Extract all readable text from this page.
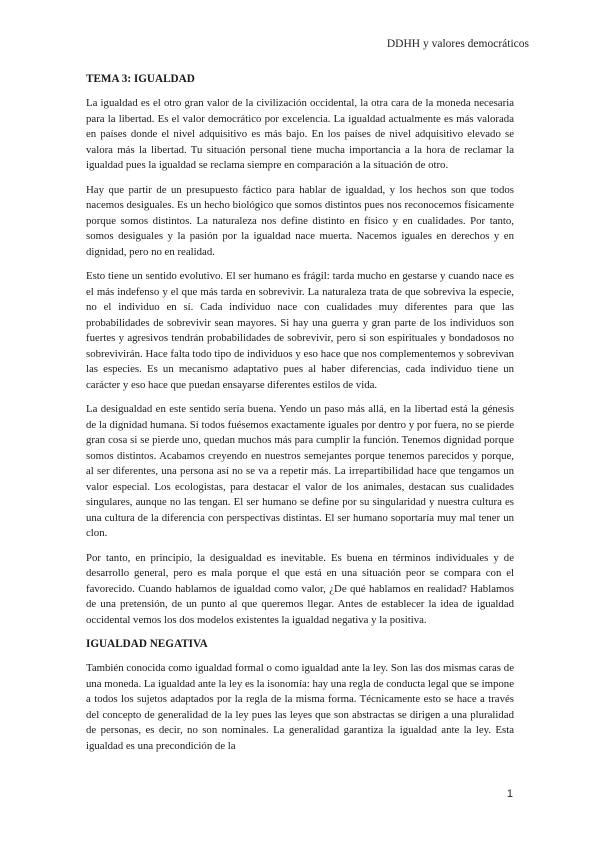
DDHH y valores democráticos
TEMA 3: IGUALDAD

La igualdad es el otro gran valor de la civilización occidental, la otra cara de la moneda necesaria para la libertad. Es el valor democrático por excelencia. La igualdad actualmente es más valorada en países donde el nivel adquisitivo es más bajo. En los países de nivel adquisitivo elevado se valora más la libertad. Tu situación personal tiene mucha importancia a la hora de reclamar la igualdad pues la igualdad se reclama siempre en comparación a la situación de otro.

Hay que partir de un presupuesto fáctico para hablar de igualdad, y los hechos son que todos nacemos desiguales. Es un hecho biológico que somos distintos pues nos reconocemos físicamente porque somos distintos. La naturaleza nos define distinto en físico y en cualidades. Por tanto, somos desiguales y la pasión por la igualdad nace muerta. Nacemos iguales en derechos y en dignidad, pero no en realidad.

Esto tiene un sentido evolutivo. El ser humano es frágil: tarda mucho en gestarse y cuando nace es el más indefenso y el que más tarda en sobrevivir. La naturaleza trata de que sobreviva la especie, no el individuo en sí. Cada individuo nace con cualidades muy diferentes para que las probabilidades de sobrevivir sean mayores. Si hay una guerra y gran parte de los individuos son fuertes y agresivos tendrán probabilidades de sobrevivir, pero si son espirituales y bondadosos no sobrevivirán. Hace falta todo tipo de individuos y eso hace que nos complementemos y sobrevivan las especies. Es un mecanismo adaptativo pues al haber diferencias, cada individuo tiene un carácter y eso hace que puedan ensayarse diferentes estilos de vida.

La desigualdad en este sentido sería buena. Yendo un paso más allá, en la libertad está la génesis de la dignidad humana. Si todos fuésemos exactamente iguales por dentro y por fuera, no se pierde gran cosa si se pierde uno, quedan muchos más para cumplir la función. Tenemos dignidad porque somos distintos. Acabamos creyendo en nuestros semejantes porque tenemos parecidos y porque, al ser diferentes, una persona así no se va a repetir más. La irrepartibilidad hace que tengamos un valor especial. Los ecologistas, para destacar el valor de los animales, destacan sus cualidades singulares, aunque no las tengan. El ser humano se define por su singularidad y nuestra cultura es una cultura de la diferencia con perspectivas distintas. El ser humano soportaría muy mal tener un clon.

Por tanto, en principio, la desigualdad es inevitable. Es buena en términos individuales y de desarrollo general, pero es mala porque el que está en una situación peor se compara con el favorecido. Cuando hablamos de igualdad como valor, ¿De qué hablamos en realidad? Hablamos de una pretensión, de un punto al que queremos llegar. Antes de establecer la idea de igualdad occidental vemos los dos modelos existentes la igualdad negativa y la positiva.

IGUALDAD NEGATIVA

También conocida como igualdad formal o como igualdad ante la ley. Son las dos mismas caras de una moneda. La igualdad ante la ley es la isonomía: hay una regla de conducta legal que se impone a todos los sujetos adaptados por la regla de la misma forma. Técnicamente esto se hace a través del concepto de generalidad de la ley pues las leyes que son abstractas se dirigen a una pluralidad de personas, es decir, no son nominales. La generalidad garantiza la igualdad ante la ley. Esta igualdad es una precondición de la

1
